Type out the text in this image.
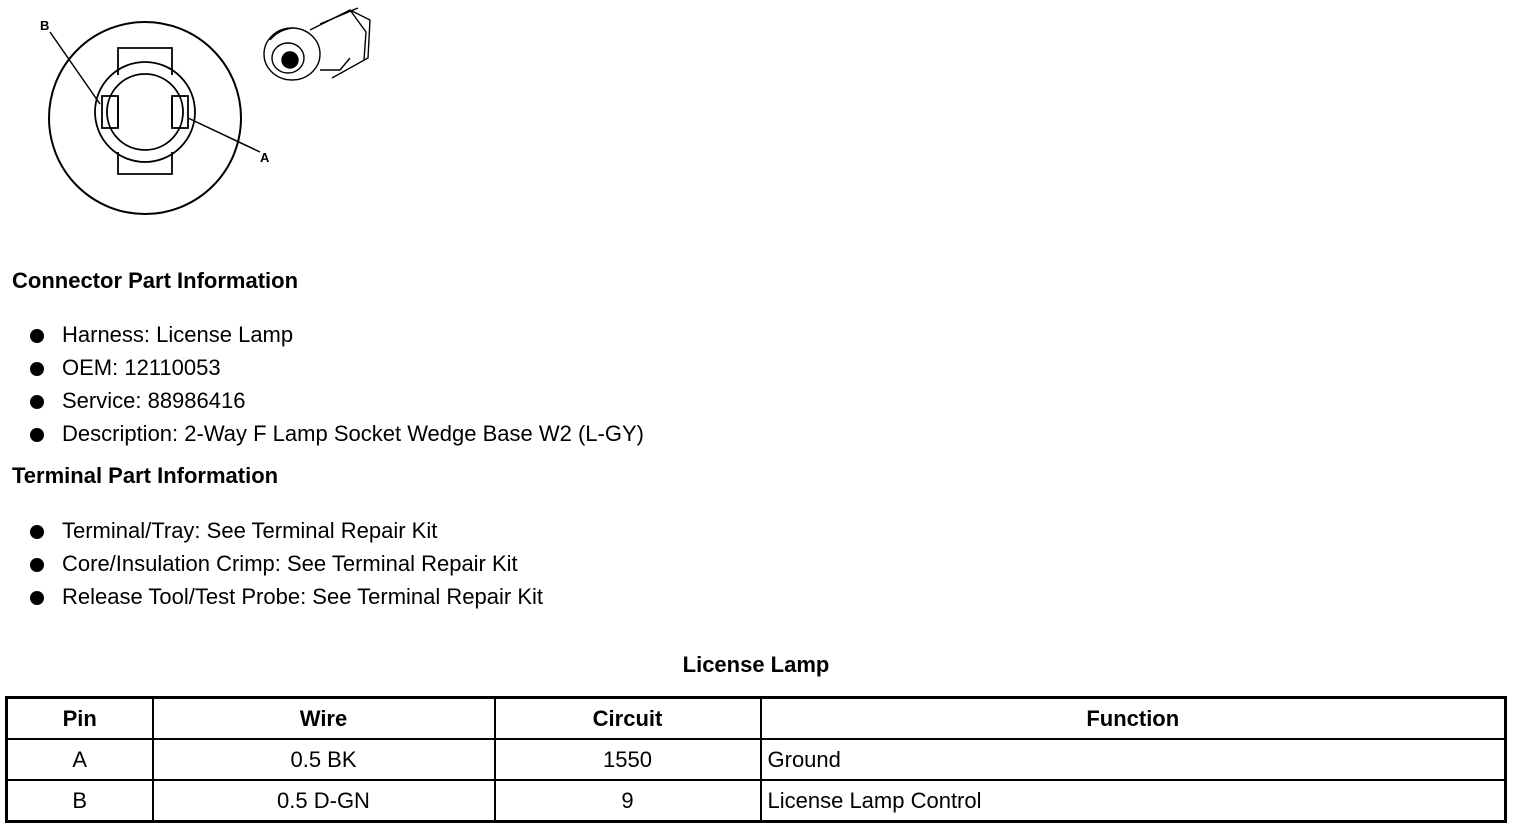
B
A
Connector Part Information
Harness: License Lamp
OEM: 12110053
Service: 88986416
Description: 2-Way F Lamp Socket Wedge Base W2 (L-GY)
Terminal Part Information
Terminal/Tray: See Terminal Repair Kit
Core/Insulation Crimp: See Terminal Repair Kit
Release Tool/Test Probe: See Terminal Repair Kit
License Lamp
Pin	Wire	Circuit	Function
A	0.5 BK	1550	Ground
B	0.5 D-GN	9	License Lamp Control
